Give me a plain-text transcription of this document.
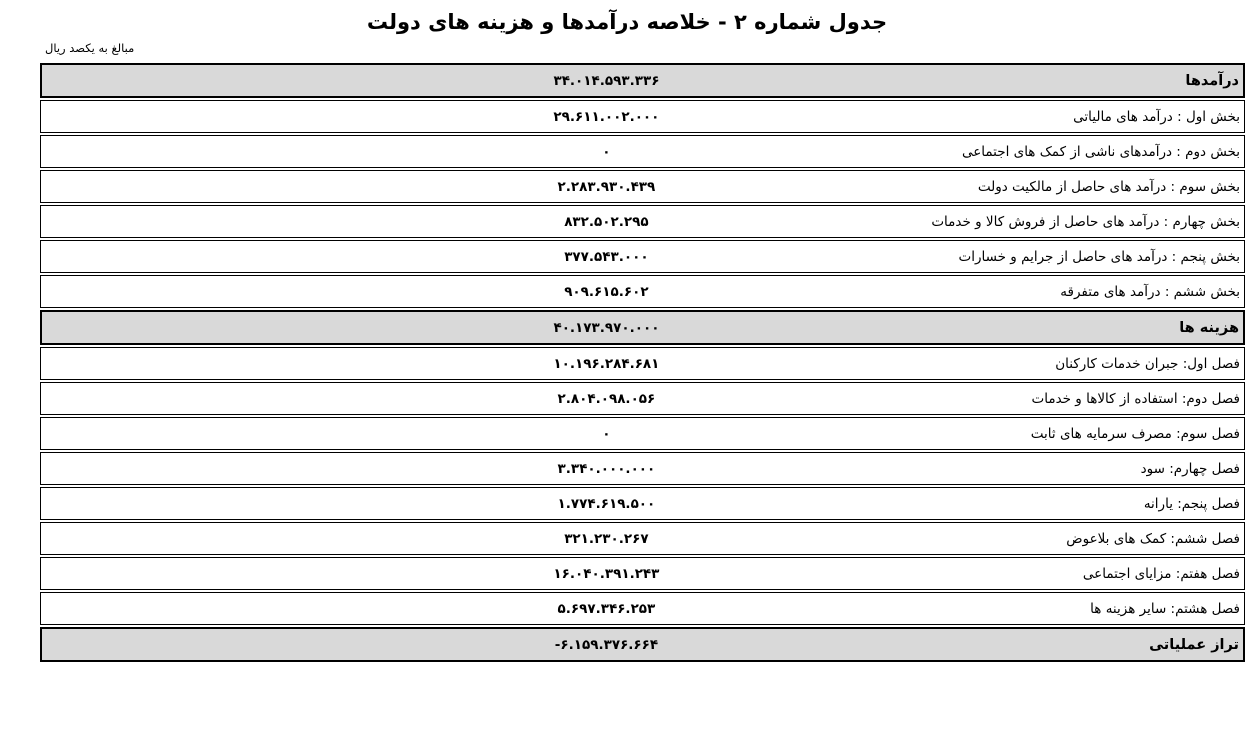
جدول شماره ۲ - خلاصه درآمدها و هزینه های دولت
مبالغ به یکصد ریال
درآمدها
۳۴.۰۱۴.۵۹۳.۳۳۶
بخش اول : درآمد های مالیاتی
۲۹.۶۱۱.۰۰۲.۰۰۰
بخش دوم : درآمدهای ناشی از کمک های اجتماعی
۰
بخش سوم : درآمد های حاصل از مالکیت دولت
۲.۲۸۳.۹۳۰.۴۳۹
بخش چهارم : درآمد های حاصل از فروش کالا و خدمات
۸۳۲.۵۰۲.۲۹۵
بخش پنجم : درآمد های حاصل از جرایم و خسارات
۳۷۷.۵۴۳.۰۰۰
بخش ششم : درآمد های متفرقه
۹۰۹.۶۱۵.۶۰۲
هزینه ها
۴۰.۱۷۳.۹۷۰.۰۰۰
فصل اول: جبران خدمات کارکنان
۱۰.۱۹۶.۲۸۴.۶۸۱
فصل دوم: استفاده از کالاها و خدمات
۲.۸۰۴.۰۹۸.۰۵۶
فصل سوم: مصرف سرمایه های ثابت
۰
فصل چهارم: سود
۳.۳۴۰.۰۰۰.۰۰۰
فصل پنجم: یارانه
۱.۷۷۴.۶۱۹.۵۰۰
فصل ششم: کمک های بلاعوض
۳۲۱.۲۳۰.۲۶۷
فصل هفتم: مزایای اجتماعی
۱۶.۰۴۰.۳۹۱.۲۴۳
فصل هشتم: سایر هزینه ها
۵.۶۹۷.۳۴۶.۲۵۳
تراز عملیاتی
-۶.۱۵۹.۳۷۶.۶۶۴
